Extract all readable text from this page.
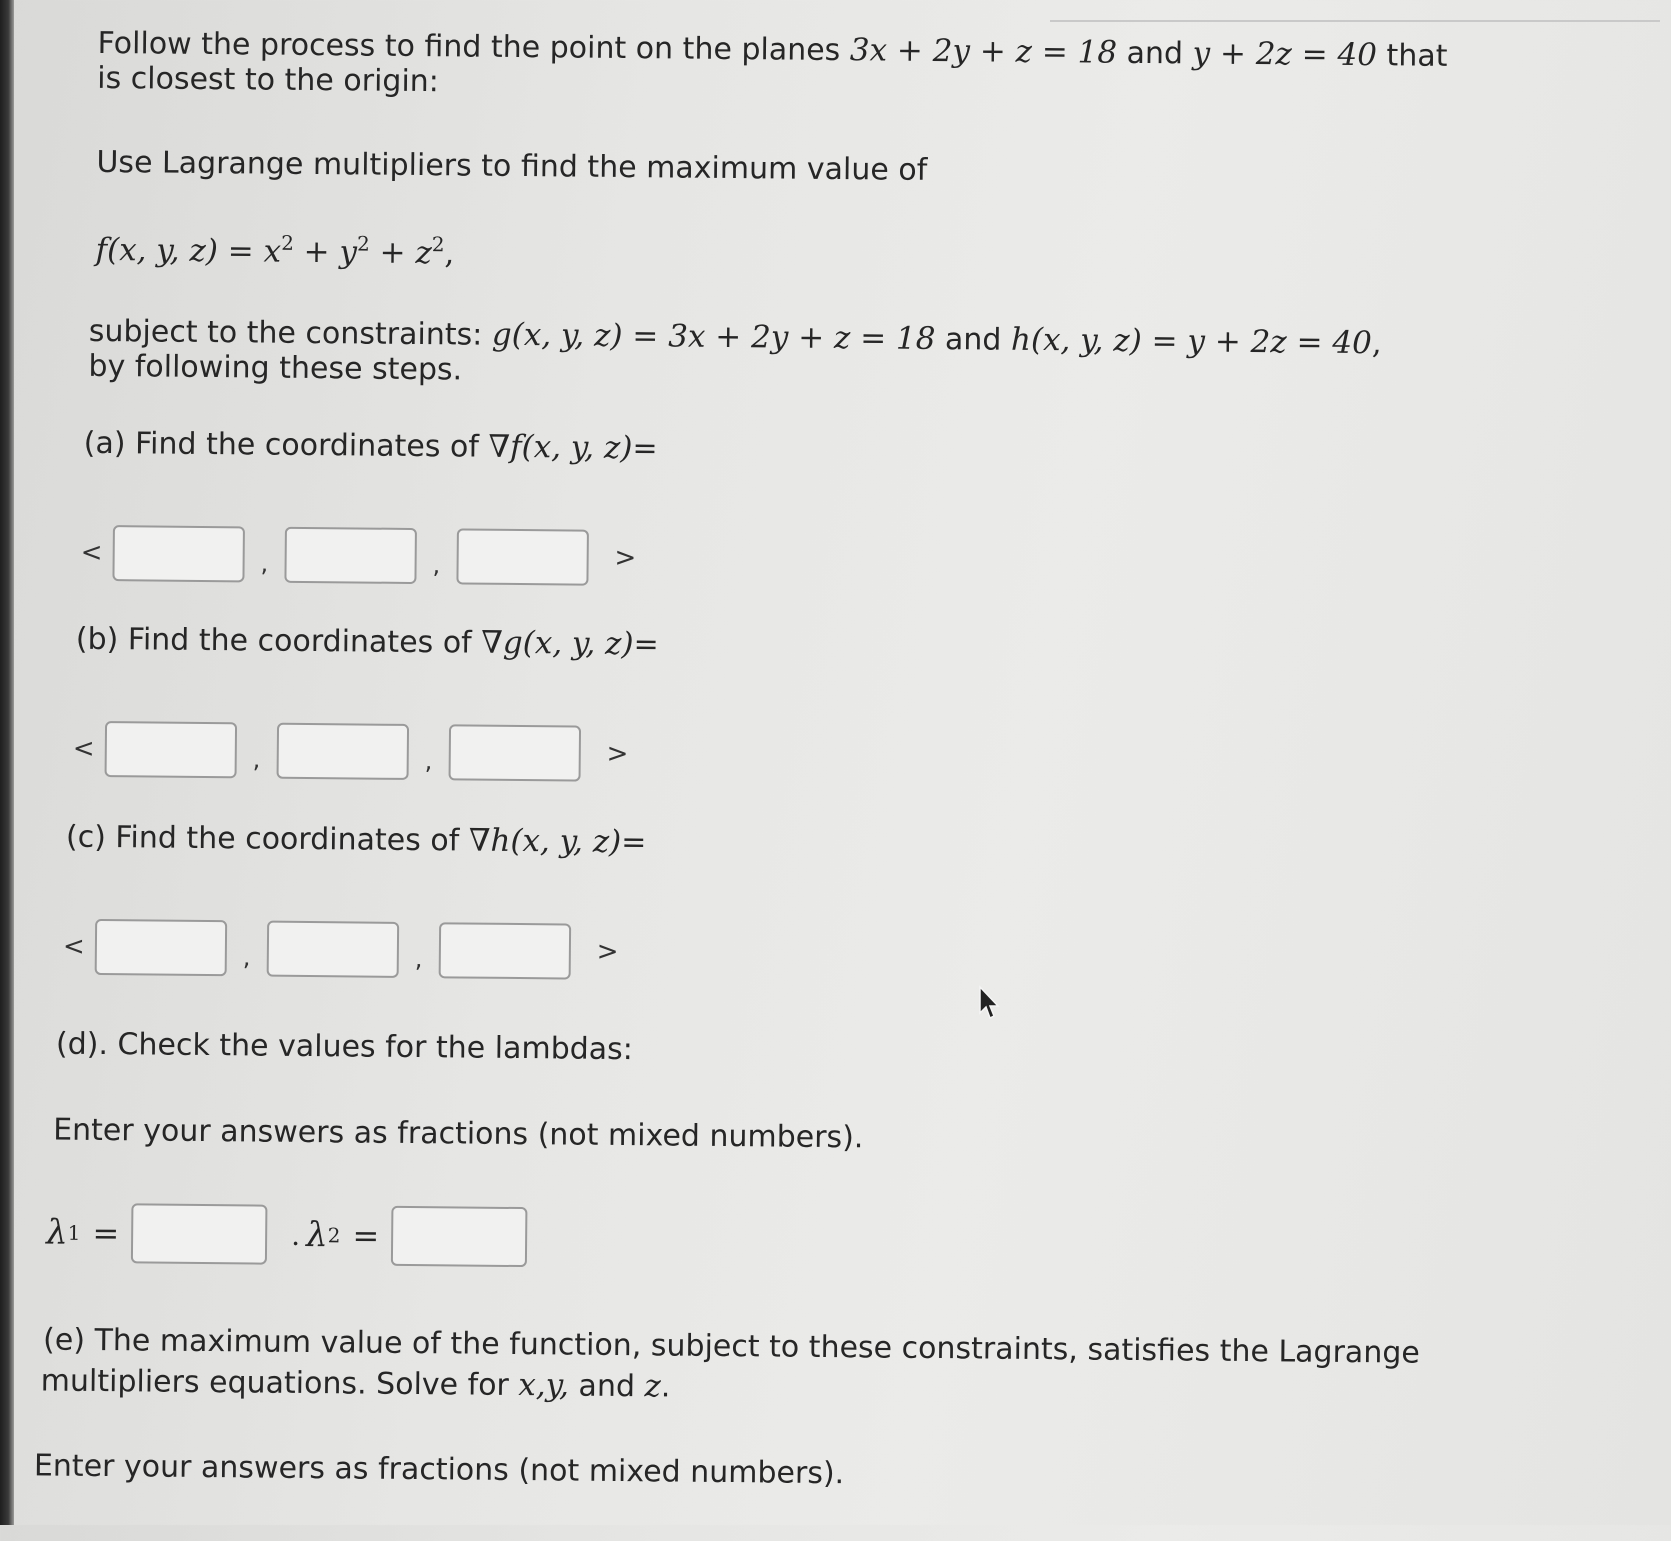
Follow the process to find the point on the planes 3x + 2y + z = 18 and y + 2z = 40 that
is closest to the origin:
Use Lagrange multipliers to find the maximum value of
f(x, y, $z) = x^2 + y^2 + z^2$,
subject to the constraints: g(x, y, z) = 3x + 2y + z = 18 and h(x, y, z) = y + 2z = 40,
by following these steps.
(a) Find the coordinates of ∇f(x, y, z)=
<	,	,	>
(b) Find the coordinates of ∇g(x, y, z)=
<	,	,	>
(c) Find the coordinates of ∇h(x, y, z)=
<	,	,	>
(d). Check the values for the lambdas:
Enter your answers as fractions (not mixed numbers).
λ 1 =	. λ 2 =
(e) The maximum value of the function, subject to these constraints, satisfies the Lagrange
multipliers equations. Solve for x,y, and z.
Enter your answers as fractions (not mixed numbers).
